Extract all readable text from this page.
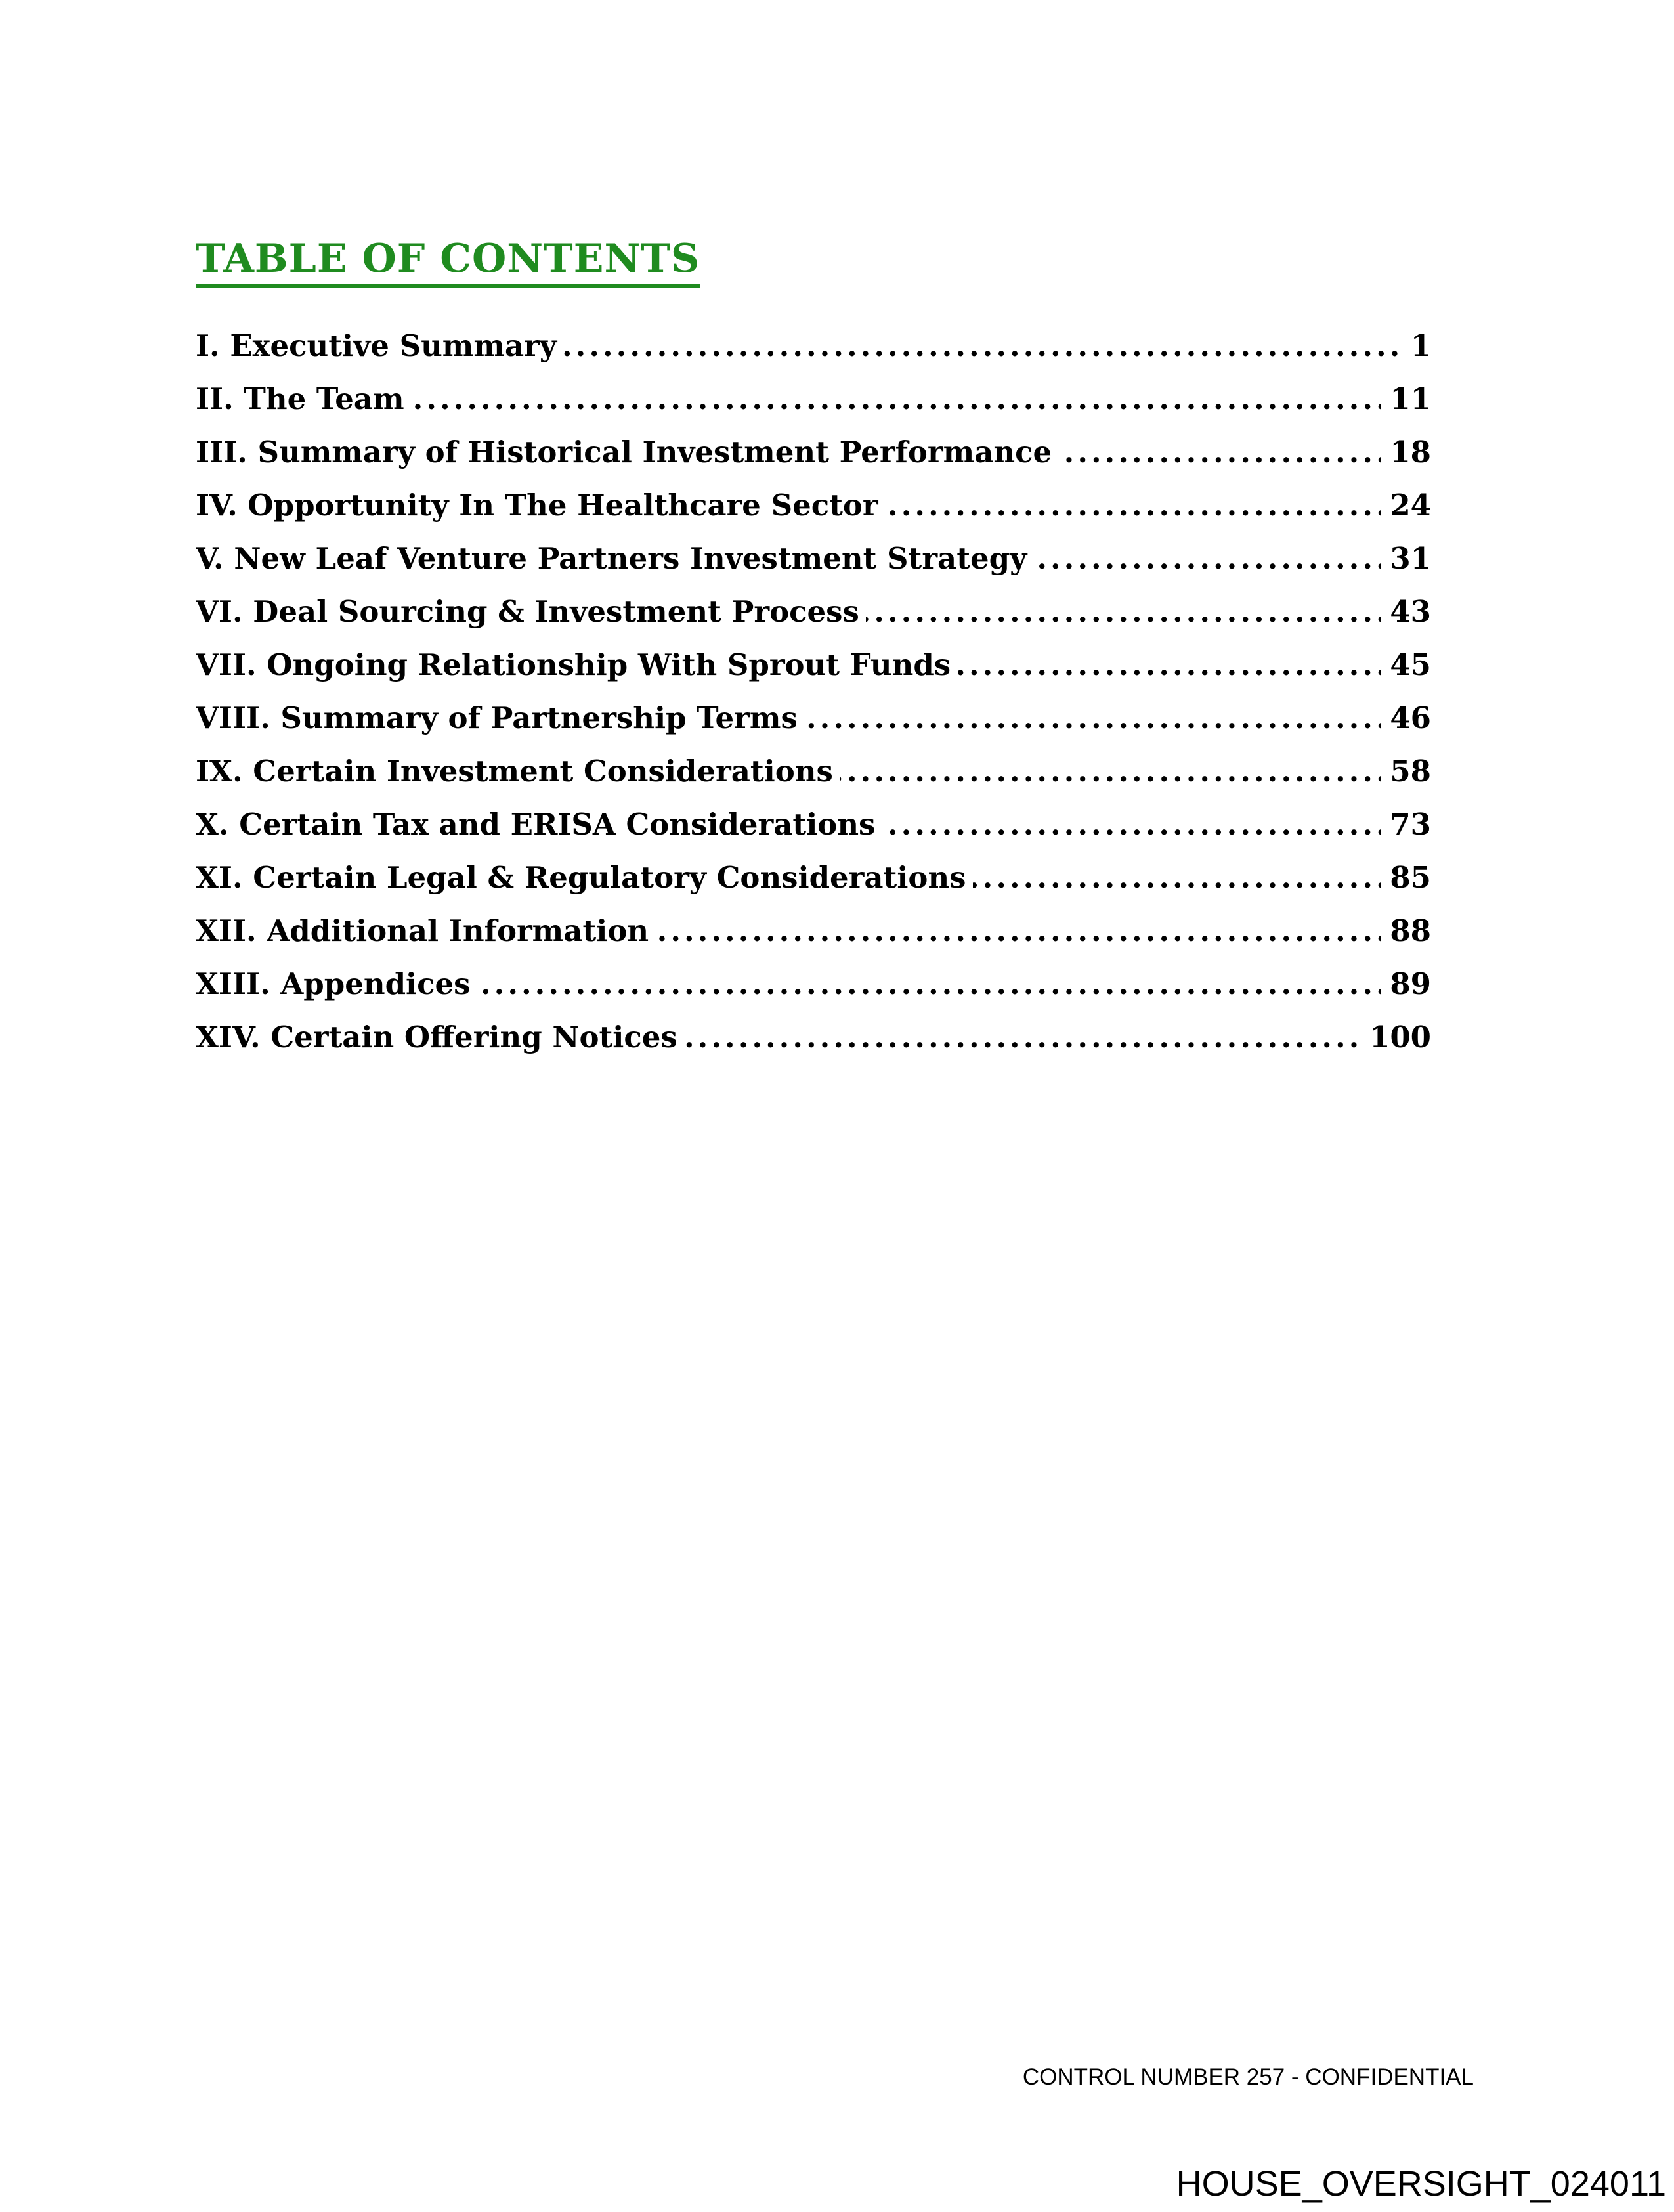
TABLE OF CONTENTS
.....
I. Executive Summary	1
.....
II. The Team	11
.....
III. Summary of Historical Investment Performance	18
.....
IV. Opportunity In The Healthcare Sector	24
.....
V. New Leaf Venture Partners Investment Strategy	31
.....
VI. Deal Sourcing & Investment Process	43
.....
VII. Ongoing Relationship With Sprout Funds	45
.....
VIII. Summary of Partnership Terms	46
.....
IX. Certain Investment Considerations	58
.....
X. Certain Tax and ERISA Considerations	73
.....
XI. Certain Legal & Regulatory Considerations	85
.....
XII. Additional Information	88
.....
XIII. Appendices	89
.....
XIV. Certain Offering Notices	100
CONTROL NUMBER 257 - CONFIDENTIAL
HOUSE_OVERSIGHT_024011
